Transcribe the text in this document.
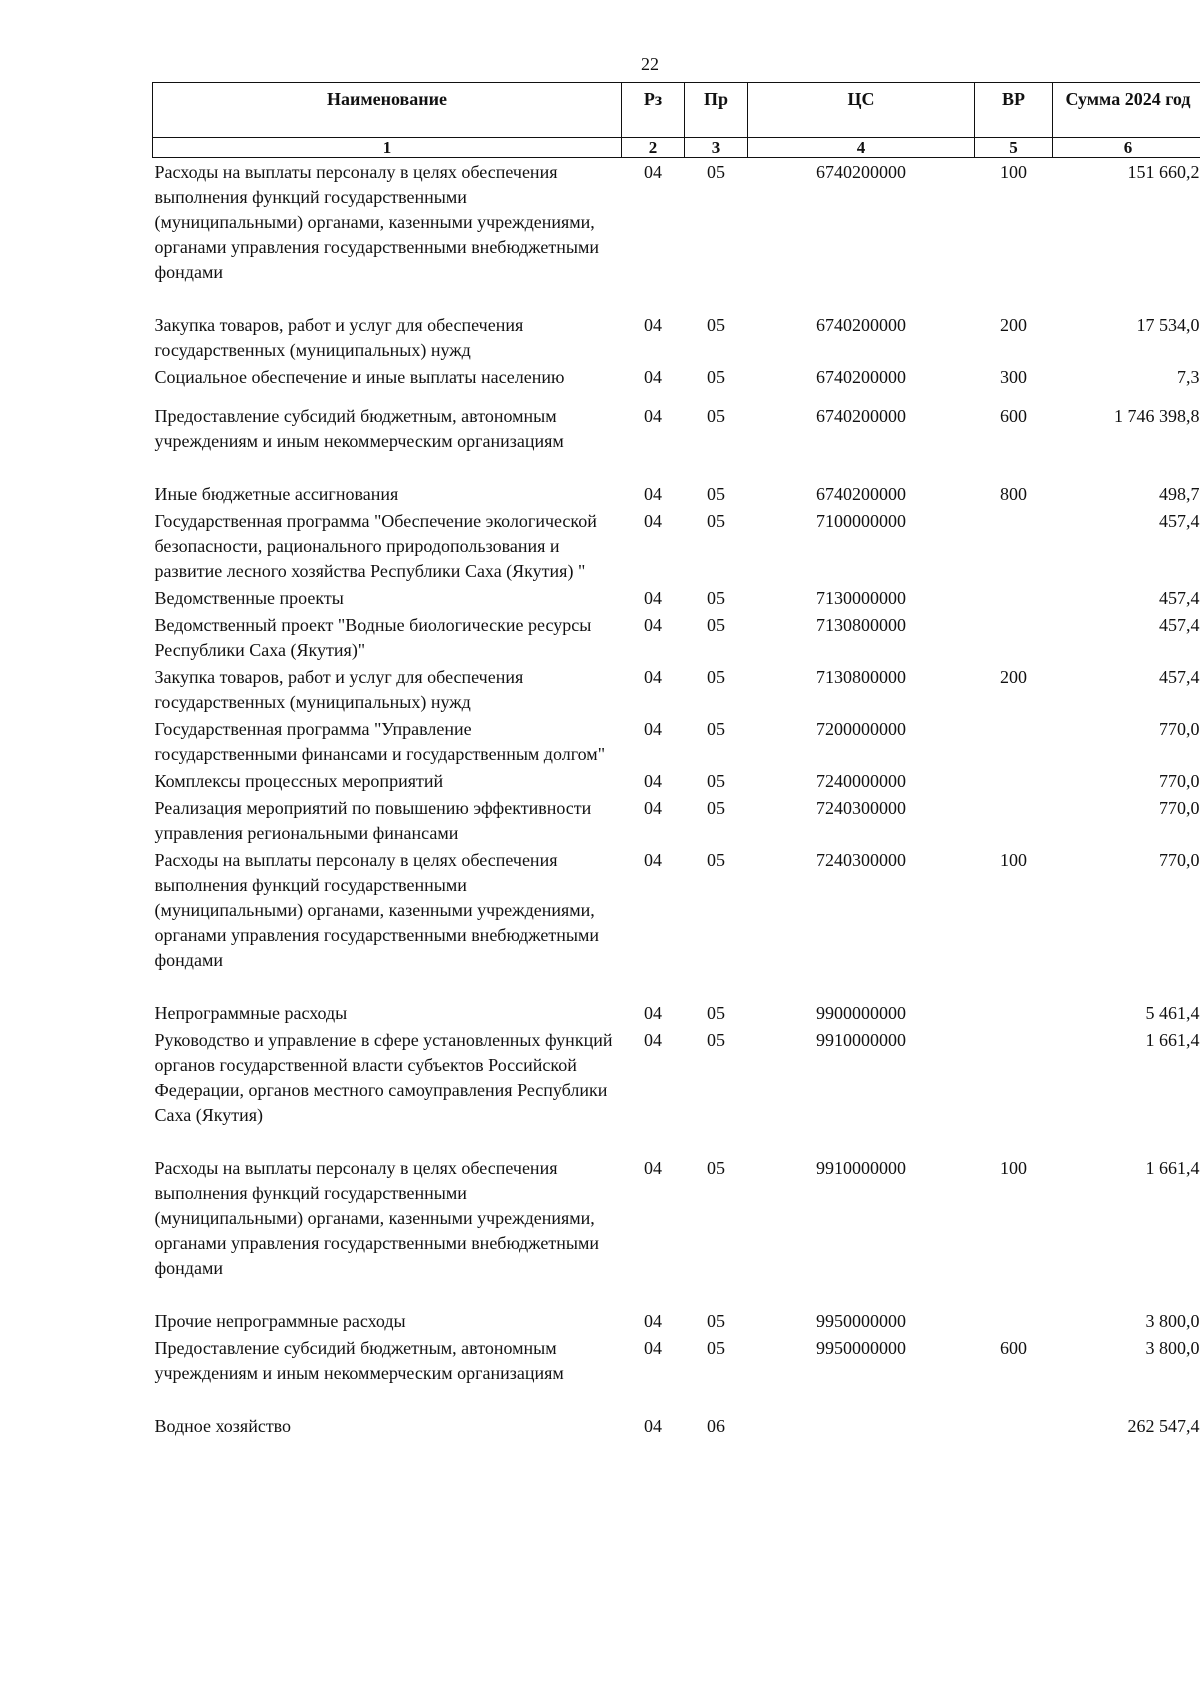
22
Наименование	Рз	Пр	ЦС	ВР	Сумма 2024 год
1	2	3	4	5	6
Расходы на выплаты персоналу в целях обеспечения выполнения функций государственными (муниципальными) органами, казенными учреждениями, органами управления государственными внебюджетными фондами	04	05	6740200000	100	151 660,2
Закупка товаров, работ и услуг для обеспечения государственных (муниципальных) нужд	04	05	6740200000	200	17 534,0
Социальное обеспечение и иные выплаты населению	04	05	6740200000	300	7,3
Предоставление субсидий бюджетным, автономным учреждениям и иным некоммерческим организациям	04	05	6740200000	600	1 746 398,8
Иные бюджетные ассигнования	04	05	6740200000	800	498,7
Государственная программа "Обеспечение экологической безопасности, рационального природопользования и развитие лесного хозяйства Республики Саха (Якутия) "	04	05	7100000000		457,4
Ведомственные проекты	04	05	7130000000		457,4
Ведомственный проект "Водные биологические ресурсы Республики Саха (Якутия)"	04	05	7130800000		457,4
Закупка товаров, работ и услуг для обеспечения государственных (муниципальных) нужд	04	05	7130800000	200	457,4
Государственная программа "Управление государственными финансами и государственным долгом"	04	05	7200000000		770,0
Комплексы процессных мероприятий	04	05	7240000000		770,0
Реализация мероприятий по повышению эффективности управления региональными финансами	04	05	7240300000		770,0
Расходы на выплаты персоналу в целях обеспечения выполнения функций государственными (муниципальными) органами, казенными учреждениями, органами управления государственными внебюджетными фондами	04	05	7240300000	100	770,0
Непрограммные расходы	04	05	9900000000		5 461,4
Руководство и управление в сфере установленных функций органов государственной власти субъектов Российской Федерации, органов местного самоуправления Республики Саха (Якутия)	04	05	9910000000		1 661,4
Расходы на выплаты персоналу в целях обеспечения выполнения функций государственными (муниципальными) органами, казенными учреждениями, органами управления государственными внебюджетными фондами	04	05	9910000000	100	1 661,4
Прочие непрограммные расходы	04	05	9950000000		3 800,0
Предоставление субсидий бюджетным, автономным учреждениям и иным некоммерческим организациям	04	05	9950000000	600	3 800,0
Водное хозяйство	04	06			262 547,4
